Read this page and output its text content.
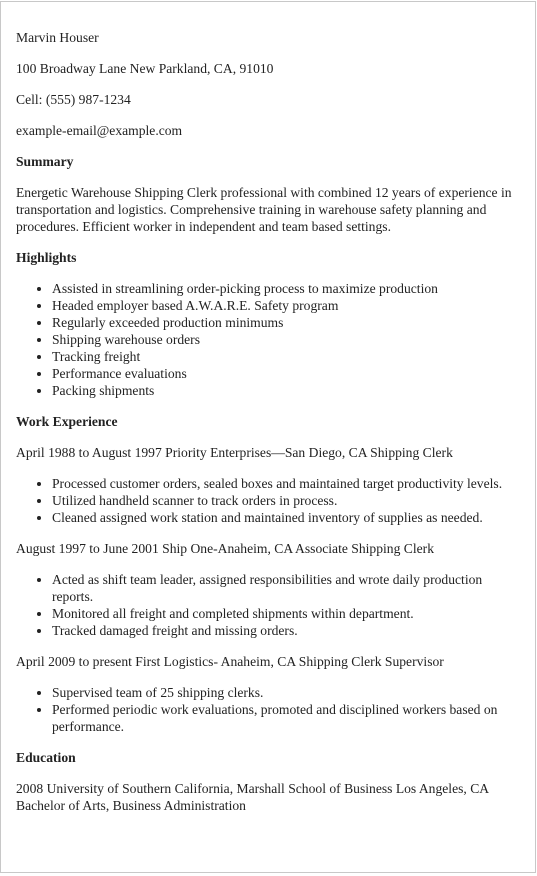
Marvin Houser
100 Broadway Lane New Parkland, CA, 91010
Cell: (555) 987-1234
example-email@example.com
Summary

Energetic Warehouse Shipping Clerk professional with combined 12 years of experience in transportation and logistics. Comprehensive training in warehouse safety planning and procedures. Efficient worker in independent and team based settings.

Highlights
• Assisted in streamlining order-picking process to maximize production
• Headed employer based A.W.A.R.E. Safety program
• Regularly exceeded production minimums
• Shipping warehouse orders
• Tracking freight
• Performance evaluations
• Packing shipments
Work Experience
April 1988 to August 1997 Priority Enterprises—San Diego, CA Shipping Clerk
• Processed customer orders, sealed boxes and maintained target productivity levels.
• Utilized handheld scanner to track orders in process.
• Cleaned assigned work station and maintained inventory of supplies as needed.
August 1997 to June 2001 Ship One-Anaheim, CA Associate Shipping Clerk
• Acted as shift team leader, assigned responsibilities and wrote daily production reports.
• Monitored all freight and completed shipments within department.
• Tracked damaged freight and missing orders.
April 2009 to present First Logistics- Anaheim, CA Shipping Clerk Supervisor
• Supervised team of 25 shipping clerks.
• Performed periodic work evaluations, promoted and disciplined workers based on performance.
Education

2008 University of Southern California, Marshall School of Business Los Angeles, CA Bachelor of Arts, Business Administration
